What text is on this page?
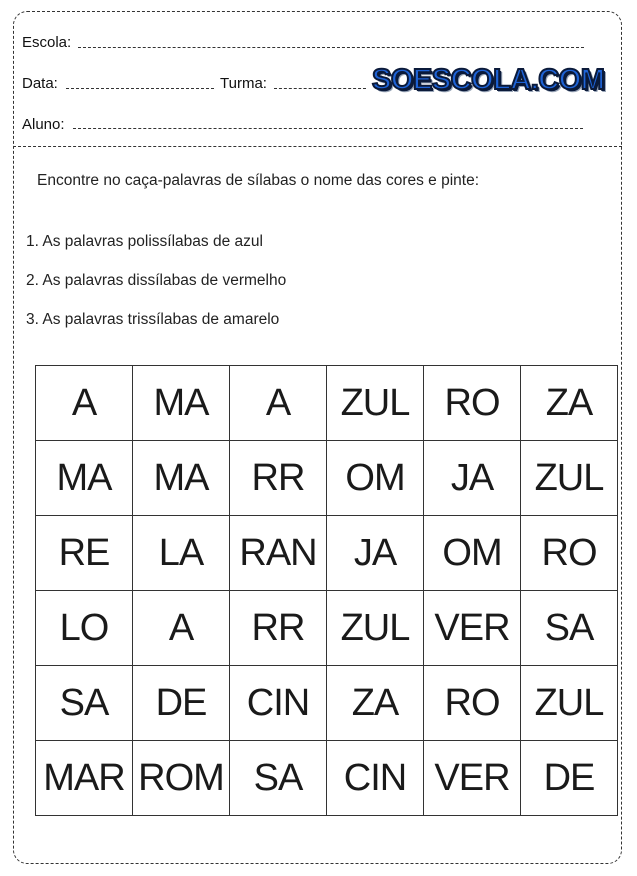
Escola:
Data:	Turma:	SOESCOLA.COM
Aluno:
Encontre no caça-palavras de sílabas o nome das cores e pinte:
1. As palavras polissílabas de azul
2. As palavras dissílabas de vermelho
3. As palavras trissílabas de amarelo
A	MA	A	ZUL	RO	ZA
MA	MA	RR	OM	JA	ZUL
RE	LA	RAN	JA	OM	RO
LO	A	RR	ZUL	VER	SA
SA	DE	CIN	ZA	RO	ZUL
MAR	ROM	SA	CIN	VER	DE
